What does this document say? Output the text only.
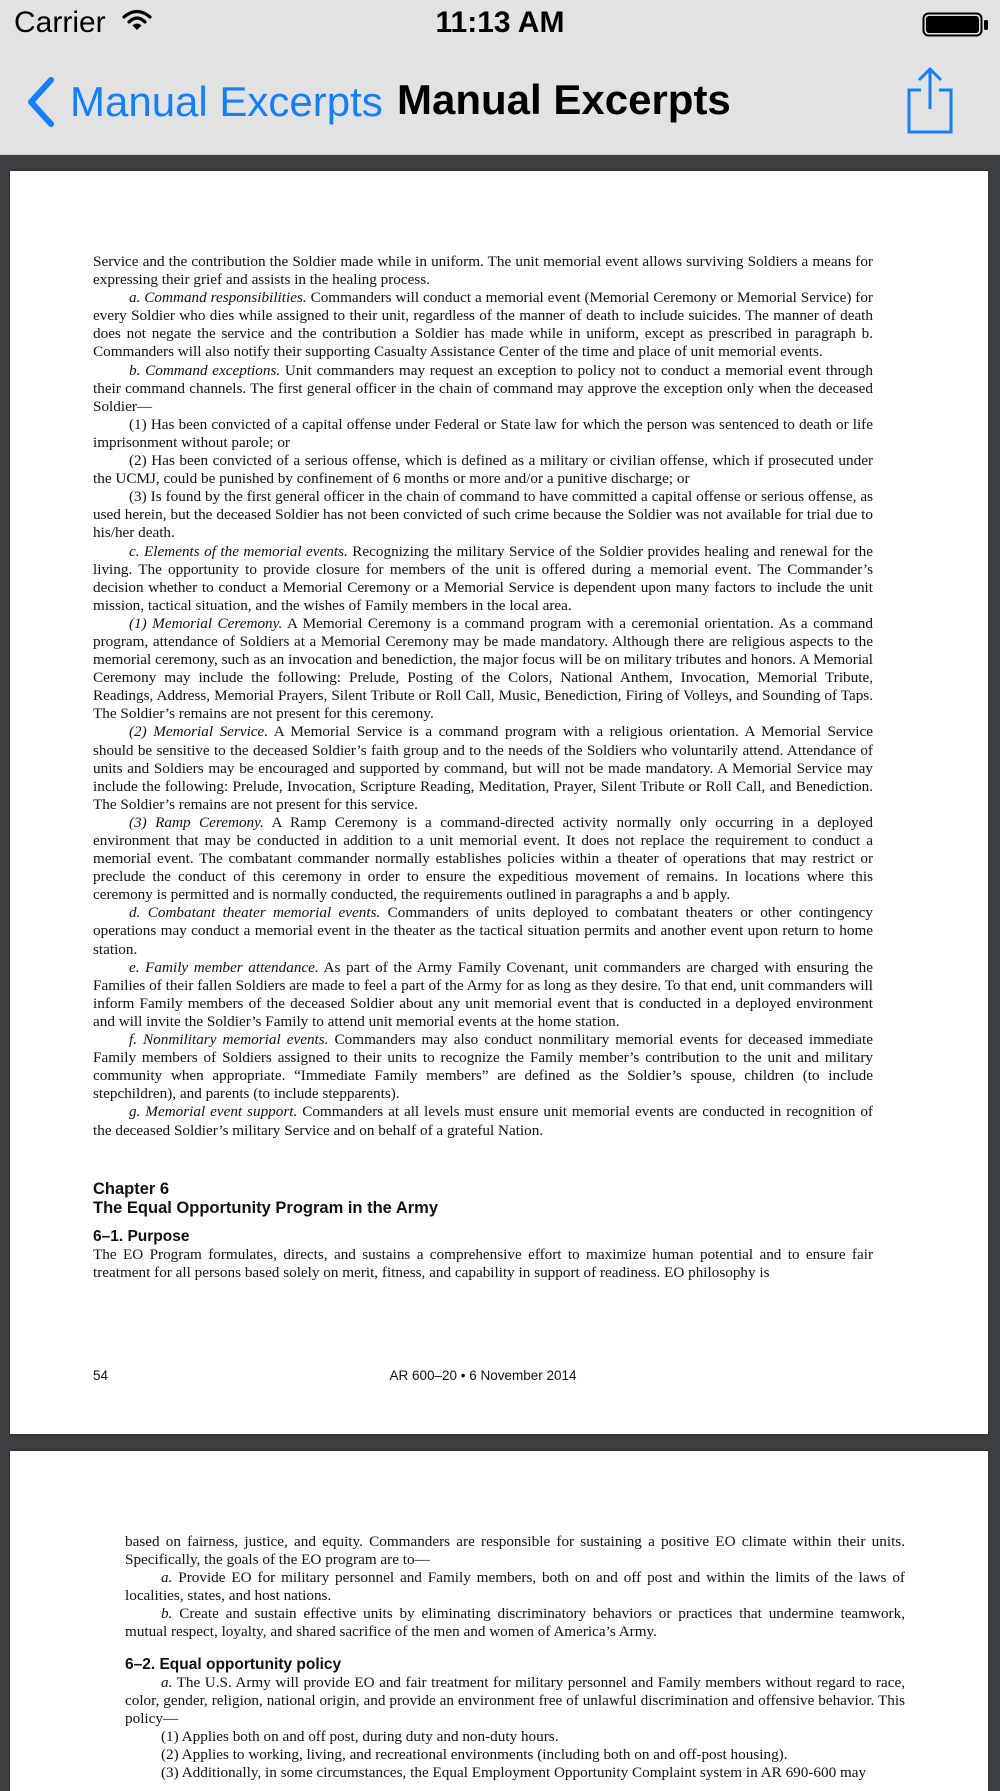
Carrier	11:13 AM
Manual Excerpts Manual Excerpts

Service and the contribution the Soldier made while in uniform. The unit memorial event allows surviving Soldiers a means for expressing their grief and assists in the healing process.

a. Command responsibilities. Commanders will conduct a memorial event (Memorial Ceremony or Memorial Service) for every Soldier who dies while assigned to their unit, regardless of the manner of death to include suicides. The manner of death does not negate the service and the contribution a Soldier has made while in uniform, except as prescribed in paragraph b. Commanders will also notify their supporting Casualty Assistance Center of the time and place of unit memorial events.

b. Command exceptions. Unit commanders may request an exception to policy not to conduct a memorial event through their command channels. The first general officer in the chain of command may approve the exception only when the deceased Soldier—

(1) Has been convicted of a capital offense under Federal or State law for which the person was sentenced to death or life imprisonment without parole; or

(2) Has been convicted of a serious offense, which is defined as a military or civilian offense, which if prosecuted under the UCMJ, could be punished by confinement of 6 months or more and/or a punitive discharge; or

(3) Is found by the first general officer in the chain of command to have committed a capital offense or serious offense, as used herein, but the deceased Soldier has not been convicted of such crime because the Soldier was not available for trial due to his/her death.

c. Elements of the memorial events. Recognizing the military Service of the Soldier provides healing and renewal for the living. The opportunity to provide closure for members of the unit is offered during a memorial event. The Commander’s decision whether to conduct a Memorial Ceremony or a Memorial Service is dependent upon many factors to include the unit mission, tactical situation, and the wishes of Family members in the local area.

(1) Memorial Ceremony. A Memorial Ceremony is a command program with a ceremonial orientation. As a command program, attendance of Soldiers at a Memorial Ceremony may be made mandatory. Although there are religious aspects to the memorial ceremony, such as an invocation and benediction, the major focus will be on military tributes and honors. A Memorial Ceremony may include the following: Prelude, Posting of the Colors, National Anthem, Invocation, Memorial Tribute, Readings, Address, Memorial Prayers, Silent Tribute or Roll Call, Music, Benediction, Firing of Volleys, and Sounding of Taps. The Soldier’s remains are not present for this ceremony.

(2) Memorial Service. A Memorial Service is a command program with a religious orientation. A Memorial Service should be sensitive to the deceased Soldier’s faith group and to the needs of the Soldiers who voluntarily attend. Attendance of units and Soldiers may be encouraged and supported by command, but will not be made mandatory. A Memorial Service may include the following: Prelude, Invocation, Scripture Reading, Meditation, Prayer, Silent Tribute or Roll Call, and Benediction. The Soldier’s remains are not present for this service.

(3) Ramp Ceremony. A Ramp Ceremony is a command-directed activity normally only occurring in a deployed environment that may be conducted in addition to a unit memorial event. It does not replace the requirement to conduct a memorial event. The combatant commander normally establishes policies within a theater of operations that may restrict or preclude the conduct of this ceremony in order to ensure the expeditious movement of remains. In locations where this ceremony is permitted and is normally conducted, the requirements outlined in paragraphs a and b apply.

d. Combatant theater memorial events. Commanders of units deployed to combatant theaters or other contingency operations may conduct a memorial event in the theater as the tactical situation permits and another event upon return to home station.

e. Family member attendance. As part of the Army Family Covenant, unit commanders are charged with ensuring the Families of their fallen Soldiers are made to feel a part of the Army for as long as they desire. To that end, unit commanders will inform Family members of the deceased Soldier about any unit memorial event that is conducted in a deployed environment and will invite the Soldier’s Family to attend unit memorial events at the home station.

f. Nonmilitary memorial events. Commanders may also conduct nonmilitary memorial events for deceased immediate Family members of Soldiers assigned to their units to recognize the Family member’s contribution to the unit and military community when appropriate. “Immediate Family members” are defined as the Soldier’s spouse, children (to include stepchildren), and parents (to include stepparents).

g. Memorial event support. Commanders at all levels must ensure unit memorial events are conducted in recognition of the deceased Soldier’s military Service and on behalf of a grateful Nation.

Chapter 6
The Equal Opportunity Program in the Army
6–1. Purpose

The EO Program formulates, directs, and sustains a comprehensive effort to maximize human potential and to ensure fair treatment for all persons based solely on merit, fitness, and capability in support of readiness. EO philosophy is

54	AR 600–20 • 6 November 2014

based on fairness, justice, and equity. Commanders are responsible for sustaining a positive EO climate within their units. Specifically, the goals of the EO program are to—

a. Provide EO for military personnel and Family members, both on and off post and within the limits of the laws of localities, states, and host nations.

b. Create and sustain effective units by eliminating discriminatory behaviors or practices that undermine teamwork, mutual respect, loyalty, and shared sacrifice of the men and women of America’s Army.

6–2. Equal opportunity policy

a. The U.S. Army will provide EO and fair treatment for military personnel and Family members without regard to race, color, gender, religion, national origin, and provide an environment free of unlawful discrimination and offensive behavior. This policy—

(1) Applies both on and off post, during duty and non-duty hours.

(2) Applies to working, living, and recreational environments (including both on and off-post housing).

(3) Additionally, in some circumstances, the Equal Employment Opportunity Complaint system in AR 690-600 may
